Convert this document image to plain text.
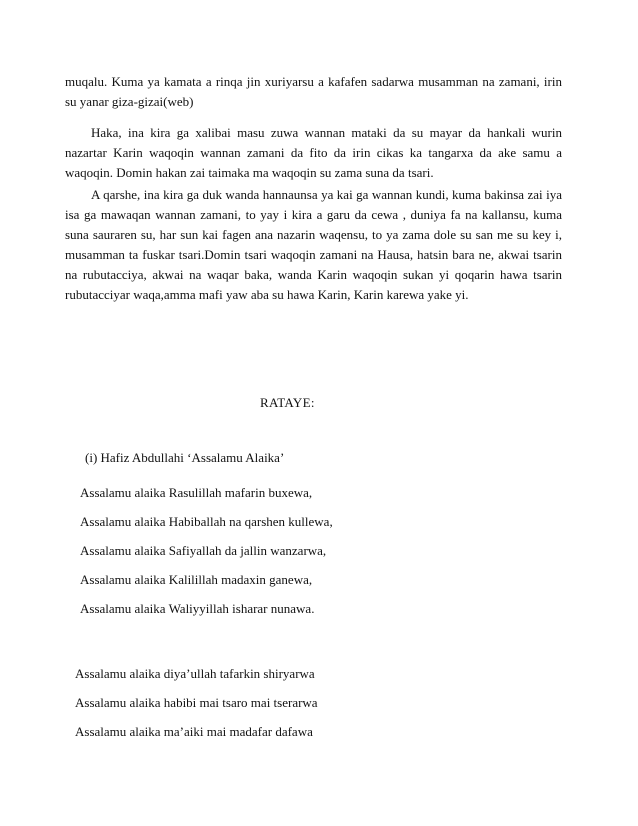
muqalu. Kuma ya kamata a rinqa jin xuriyarsu a kafafen sadarwa musamman na zamani, irin su yanar giza-gizai(web)

Haka, ina kira ga xalibai masu zuwa wannan mataki da su mayar da hankali wurin nazartar Karin waqoqin wannan zamani da fito da irin cikas ka tangarxa da ake samu a waqoqin. Domin hakan zai taimaka ma waqoqin su zama suna da tsari.

A qarshe, ina kira ga duk wanda hannaunsa ya kai ga wannan kundi, kuma bakinsa zai iya isa ga mawaqan wannan zamani, to yay i kira a garu da cewa , duniya fa na kallansu, kuma suna sauraren su, har sun kai fagen ana nazarin waqensu, to ya zama dole su san me su key i, musamman ta fuskar tsari.Domin tsari waqoqin zamani na Hausa, hatsin bara ne, akwai tsarin na rubutacciya, akwai na waqar baka, wanda Karin waqoqin sukan yi qoqarin hawa tsarin rubutacciyar waqa,amma mafi yaw aba su hawa Karin, Karin karewa yake yi.

RATAYE:

(i) Hafiz Abdullahi ‘Assalamu Alaika’

Assalamu alaika Rasulillah mafarin buxewa,
Assalamu alaika Habiballah na qarshen kullewa,
Assalamu alaika Safiyallah da jallin wanzarwa,
Assalamu alaika Kalilillah madaxin ganewa,
Assalamu alaika Waliyyillah isharar nunawa.
Assalamu alaika diya’ullah tafarkin shiryarwa
Assalamu alaika habibi mai tsaro mai tserarwa
Assalamu alaika ma’aiki mai madafar dafawa
